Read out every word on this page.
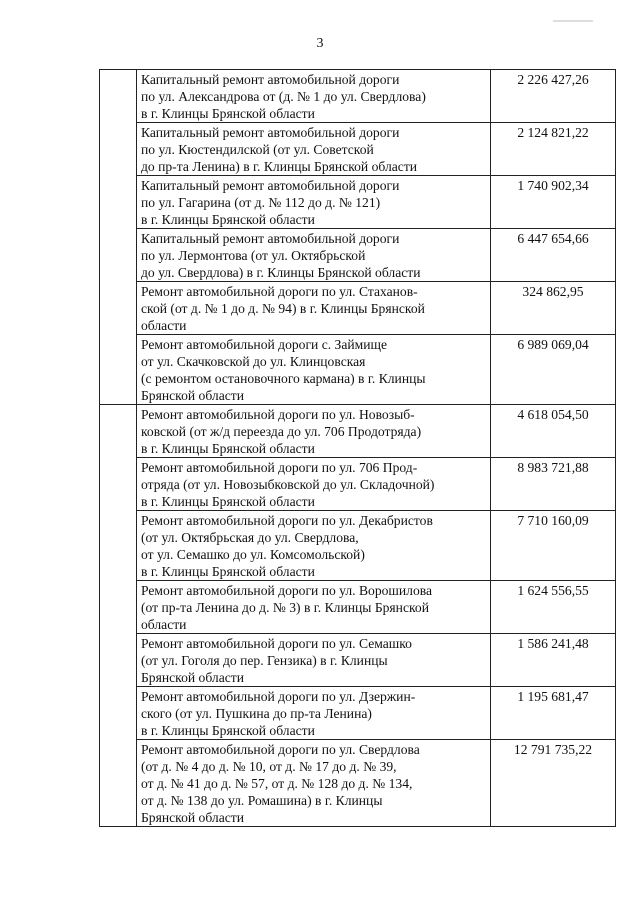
3

	Капитальный ремонт автомобильной дороги
по ул. Александрова от (д. № 1 до ул. Свердлова)
в г. Клинцы Брянской области	2 226 427,26

	Капитальный ремонт автомобильной дороги
по ул. Кюстендилской (от ул. Советской
до пр-та Ленина) в г. Клинцы Брянской области	2 124 821,22

	Капитальный ремонт автомобильной дороги
по ул. Гагарина (от д. № 112 до д. № 121)
в г. Клинцы Брянской области	1 740 902,34

	Капитальный ремонт автомобильной дороги
по ул. Лермонтова (от ул. Октябрьской
до ул. Свердлова) в г. Клинцы Брянской области	6 447 654,66

	Ремонт автомобильной дороги по ул. Стаханов-
ской (от д. № 1 до д. № 94) в г. Клинцы Брянской
области	324 862,95

	Ремонт автомобильной дороги с. Займище
от ул. Скачковской до ул. Клинцовская
(с ремонтом остановочного кармана) в г. Клинцы
Брянской области	6 989 069,04

	Ремонт автомобильной дороги по ул. Новозыб-
ковской (от ж/д переезда до ул. 706 Продотряда)
в г. Клинцы Брянской области	4 618 054,50

	Ремонт автомобильной дороги по ул. 706 Прод-
отряда (от ул. Новозыбковской до ул. Складочной)
в г. Клинцы Брянской области	8 983 721,88

	Ремонт автомобильной дороги по ул. Декабристов
(от ул. Октябрьская до ул. Свердлова,
от ул. Семашко до ул. Комсомольской)
в г. Клинцы Брянской области	7 710 160,09

	Ремонт автомобильной дороги по ул. Ворошилова
(от пр-та Ленина до д. № 3) в г. Клинцы Брянской
области	1 624 556,55

	Ремонт автомобильной дороги по ул. Семашко
(от ул. Гоголя до пер. Гензика) в г. Клинцы
Брянской области	1 586 241,48

	Ремонт автомобильной дороги по ул. Дзержин-
ского (от ул. Пушкина до пр-та Ленина)
в г. Клинцы Брянской области	1 195 681,47

	Ремонт автомобильной дороги по ул. Свердлова
(от д. № 4 до д. № 10, от д. № 17 до д. № 39,
от д. № 41 до д. № 57, от д. № 128 до д. № 134,
от д. № 138 до ул. Ромашина) в г. Клинцы
Брянской области	12 791 735,22
